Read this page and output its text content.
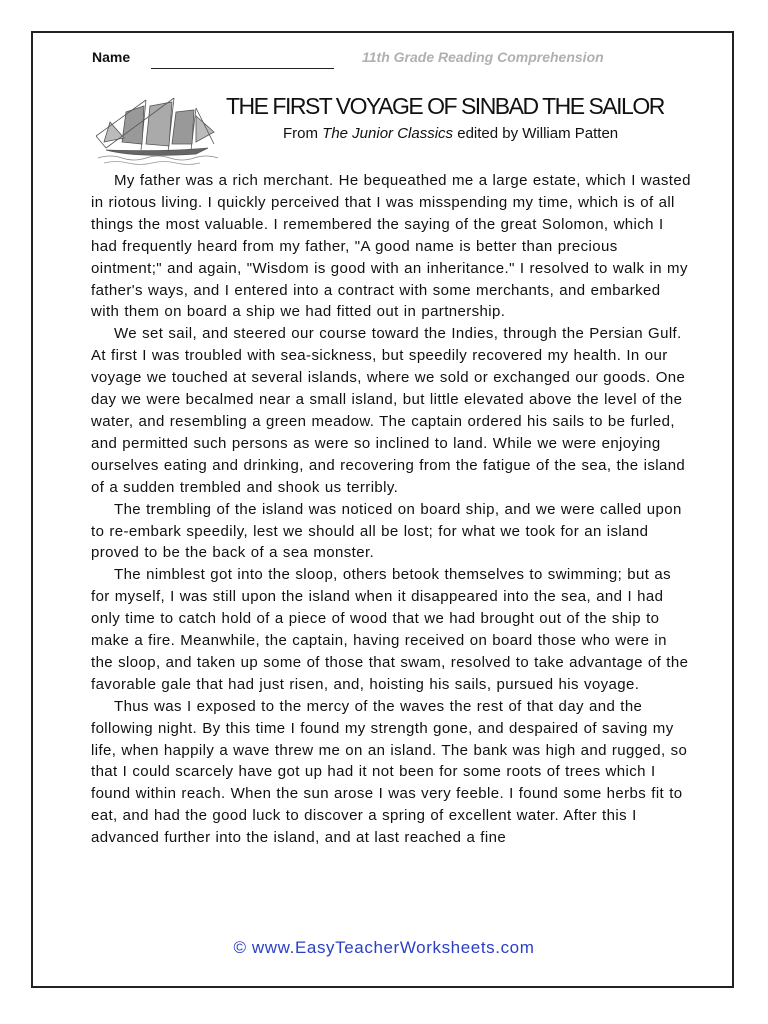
Name	11th Grade Reading Comprehension
THE FIRST VOYAGE OF SINBAD THE SAILOR
From The Junior Classics edited by William Patten

My father was a rich merchant. He bequeathed me a large estate, which I wasted in riotous living. I quickly perceived that I was misspending my time, which is of all things the most valuable. I remembered the saying of the great Solomon, which I had frequently heard from my father, "A good name is better than precious ointment;" and again, "Wisdom is good with an inheritance." I resolved to walk in my father's ways, and I entered into a contract with some merchants, and embarked with them on board a ship we had fitted out in partnership.

We set sail, and steered our course toward the Indies, through the Persian Gulf. At first I was troubled with sea-sickness, but speedily recovered my health. In our voyage we touched at several islands, where we sold or exchanged our goods. One day we were becalmed near a small island, but little elevated above the level of the water, and resembling a green meadow. The captain ordered his sails to be furled, and permitted such persons as were so inclined to land. While we were enjoying ourselves eating and drinking, and recovering from the fatigue of the sea, the island of a sudden trembled and shook us terribly.

The trembling of the island was noticed on board ship, and we were called upon to re-embark speedily, lest we should all be lost; for what we took for an island proved to be the back of a sea monster.

The nimblest got into the sloop, others betook themselves to swimming; but as for myself, I was still upon the island when it disappeared into the sea, and I had only time to catch hold of a piece of wood that we had brought out of the ship to make a fire. Meanwhile, the captain, having received on board those who were in the sloop, and taken up some of those that swam, resolved to take advantage of the favorable gale that had just risen, and, hoisting his sails, pursued his voyage.

Thus was I exposed to the mercy of the waves the rest of that day and the following night. By this time I found my strength gone, and despaired of saving my life, when happily a wave threw me on an island. The bank was high and rugged, so that I could scarcely have got up had it not been for some roots of trees which I found within reach. When the sun arose I was very feeble. I found some herbs fit to eat, and had the good luck to discover a spring of excellent water. After this I advanced further into the island, and at last reached a fine

© www.EasyTeacherWorksheets.com
